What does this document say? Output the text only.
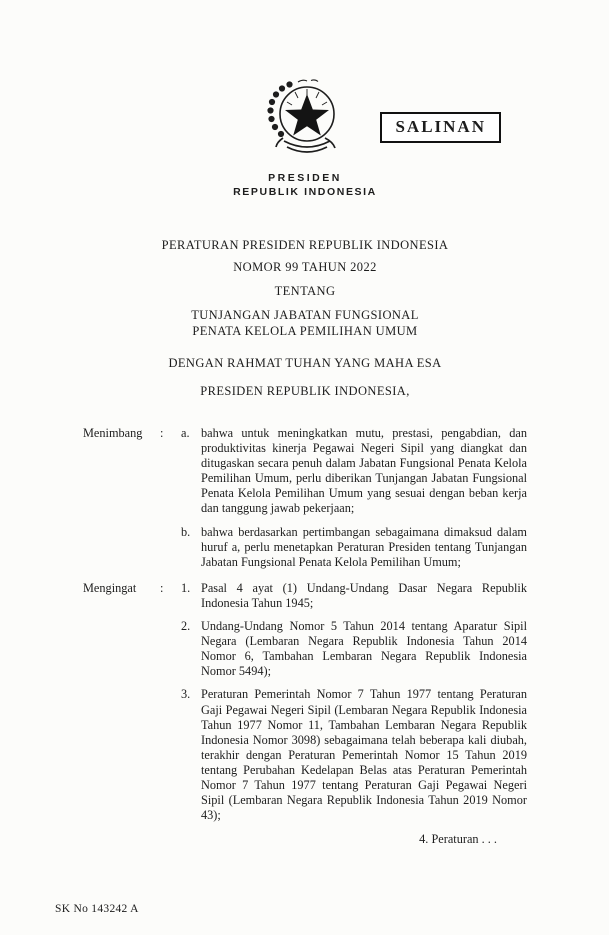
SALINAN
PRESIDEN
REPUBLIK INDONESIA
PERATURAN PRESIDEN REPUBLIK INDONESIA
NOMOR 99 TAHUN 2022
TENTANG
TUNJANGAN JABATAN FUNGSIONAL
PENATA KELOLA PEMILIHAN UMUM
DENGAN RAHMAT TUHAN YANG MAHA ESA
PRESIDEN REPUBLIK INDONESIA,
Menimbang	:	a. bahwa untuk meningkatkan mutu, prestasi, pengabdian, dan produktivitas kinerja Pegawai Negeri Sipil yang diangkat dan ditugaskan secara penuh dalam Jabatan Fungsional Penata Kelola Pemilihan Umum, perlu diberikan Tunjangan Jabatan Fungsional Penata Kelola Pemilihan Umum yang sesuai dengan beban kerja dan tanggung jawab pekerjaan;
b. bahwa berdasarkan pertimbangan sebagaimana dimaksud dalam huruf a, perlu menetapkan Peraturan Presiden tentang Tunjangan Jabatan Fungsional Penata Kelola Pemilihan Umum;
Mengingat	:	1. Pasal 4 ayat (1) Undang-Undang Dasar Negara Republik Indonesia Tahun 1945;
2. Undang-Undang Nomor 5 Tahun 2014 tentang Aparatur Sipil Negara (Lembaran Negara Republik Indonesia Tahun 2014 Nomor 6, Tambahan Lembaran Negara Republik Indonesia Nomor 5494);
3. Peraturan Pemerintah Nomor 7 Tahun 1977 tentang Peraturan Gaji Pegawai Negeri Sipil (Lembaran Negara Republik Indonesia Tahun 1977 Nomor 11, Tambahan Lembaran Negara Republik Indonesia Nomor 3098) sebagaimana telah beberapa kali diubah, terakhir dengan Peraturan Pemerintah Nomor 15 Tahun 2019 tentang Perubahan Kedelapan Belas atas Peraturan Pemerintah Nomor 7 Tahun 1977 tentang Peraturan Gaji Pegawai Negeri Sipil (Lembaran Negara Republik Indonesia Tahun 2019 Nomor 43);
4. Peraturan . . .
SK No 143242 A
